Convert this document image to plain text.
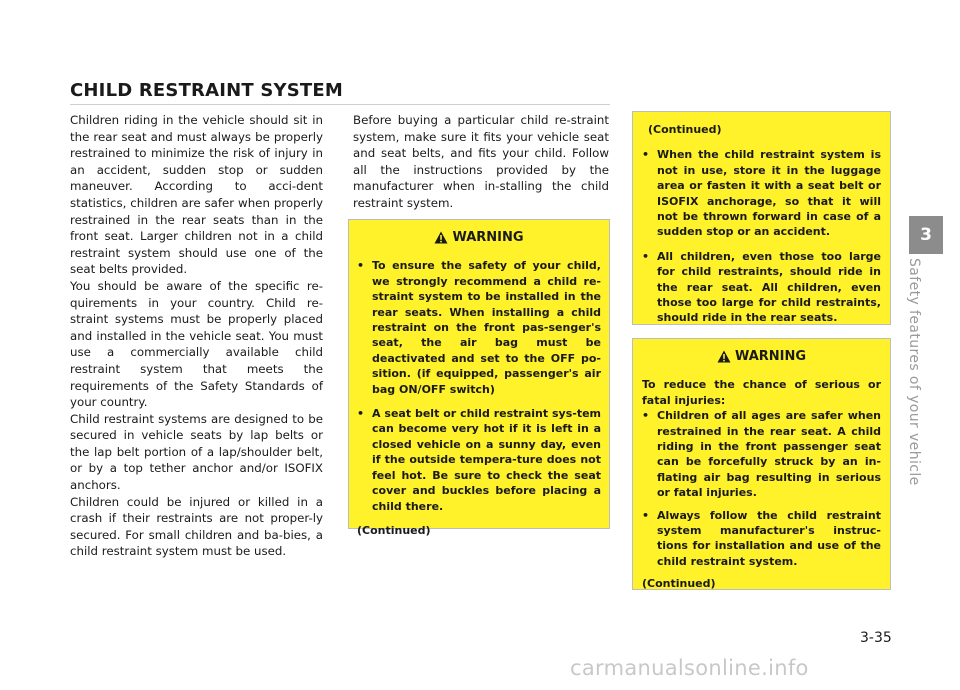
CHILD RESTRAINT SYSTEM

Children riding in the vehicle should sit in the rear seat and must always be properly restrained to minimize the risk of injury in an accident, sudden stop or sudden maneuver. According to acci-dent statistics, children are safer when properly restrained in the rear seats than in the front seat. Larger children not in a child restraint system should use one of the seat belts provided.

You should be aware of the specific re-quirements in your country. Child re-straint systems must be properly placed and installed in the vehicle seat. You must use a commercially available child restraint system that meets the requirements of the Safety Standards of your country.

Child restraint systems are designed to be secured in vehicle seats by lap belts or the lap belt portion of a lap/shoulder belt, or by a top tether anchor and/or ISOFIX anchors.

Children could be injured or killed in a crash if their restraints are not proper-ly secured. For small children and ba-bies, a child restraint system must be used.

Before buying a particular child re-straint system, make sure it fits your vehicle seat and seat belts, and fits your child. Follow all the instructions provided by the manufacturer when in-stalling the child restraint system.

WARNING
• To ensure the safety of your child, we strongly recommend a child re-straint system to be installed in the rear seats. When installing a child restraint on the front pas-senger's seat, the air bag must be deactivated and set to the OFF po-sition. (if equipped, passenger's air bag ON/OFF switch)
• A seat belt or child restraint sys-tem can become very hot if it is left in a closed vehicle on a sunny day, even if the outside tempera-ture does not feel hot. Be sure to check the seat cover and buckles before placing a child there.

(Continued)

(Continued)

• When the child restraint system is not in use, store it in the luggage area or fasten it with a seat belt or ISOFIX anchorage, so that it will not be thrown forward in case of a sudden stop or an accident.
• All children, even those too large for child restraints, should ride in the rear seat. All children, even those too large for child restraints, should ride in the rear seats.
WARNING

To reduce the chance of serious or fatal injuries:

• Children of all ages are safer when restrained in the rear seat. A child riding in the front passenger seat can be forcefully struck by an in-flating air bag resulting in serious or fatal injuries.
• Always follow the child restraint system manufacturer's instruc-tions for installation and use of the child restraint system.

(Continued)

3
Safety features of your vehicle
3-35
carmanualsonline.info
